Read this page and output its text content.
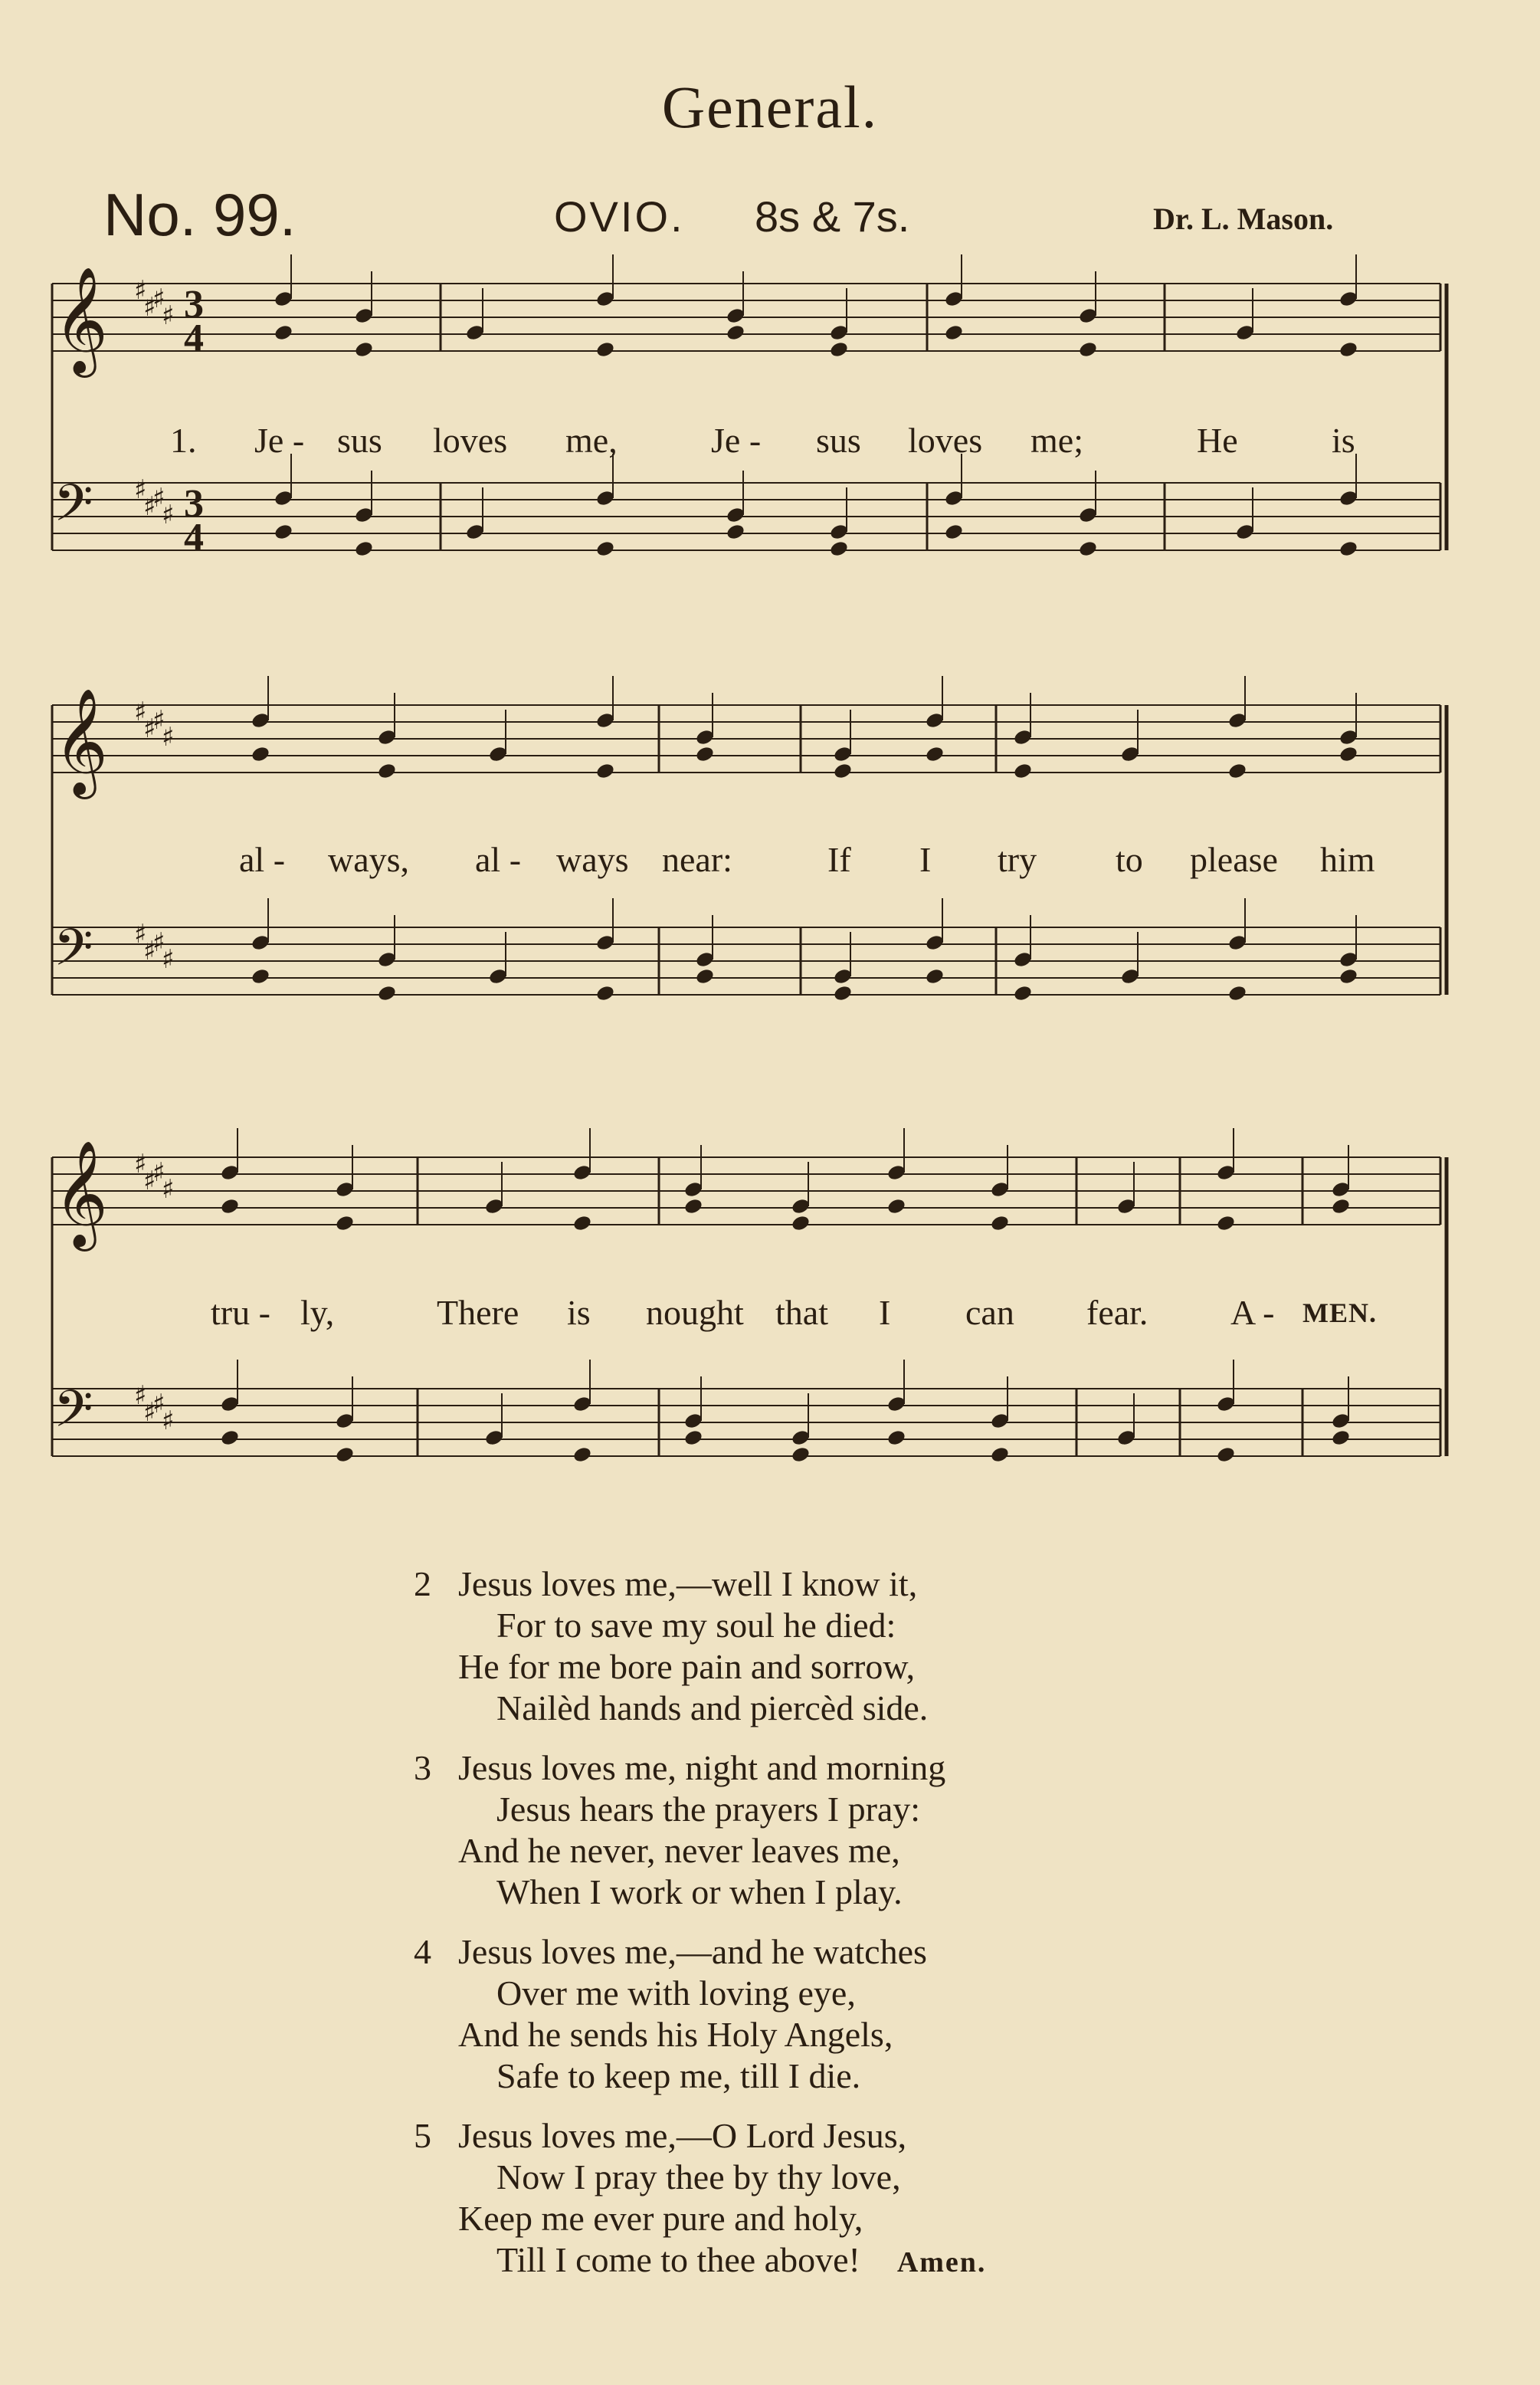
General.
No. 99.	OVIO. 8s & 7s.	Dr. L. Mason.
𝄞 ♯
♯
♯
♯ 3
4
𝄢 ♯
♯
♯
♯ 3
4
1. Je - sus loves me,	Je - sus loves me;	He	is
𝄞 ♯
♯
♯
♯
𝄢 ♯
♯
♯
♯
al - ways, al - ways near:	If I try to please him
𝄞 ♯
♯
♯
♯
𝄢 ♯
♯
♯
♯
tru - ly,	There is nought that I can fear. A - MEN.
2 Jesus loves me,—well I know it,
For to save my soul he died:
He for me bore pain and sorrow,
Nailèd hands and piercèd side.
3 Jesus loves me, night and morning
Jesus hears the prayers I pray:
And he never, never leaves me,
When I work or when I play.
4 Jesus loves me,—and he watches
Over me with loving eye,
And he sends his Holy Angels,
Safe to keep me, till I die.
5 Jesus loves me,—O Lord Jesus,
Now I pray thee by thy love,
Keep me ever pure and holy,
Till I come to thee above! Amen.
